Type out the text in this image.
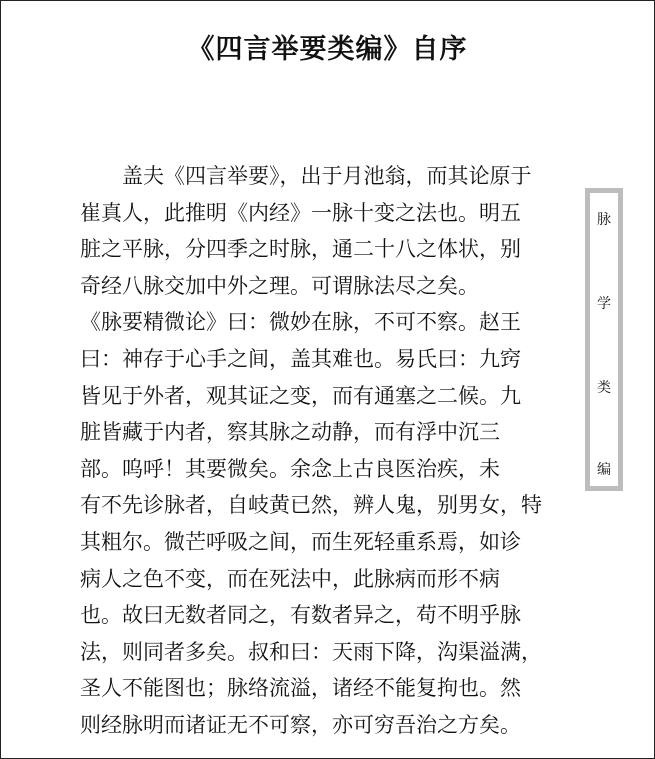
《四言举要类编》自序
盖夫《四言举要》，出于月池翁，而其论原于
崔真人，此推明《内经》一脉十变之法也。明五
脏之平脉，分四季之时脉，通二十八之体状，别
奇经八脉交加中外之理。可谓脉法尽之矣。
《脉要精微论》曰：微妙在脉，不可不察。赵王
曰：神存于心手之间，盖其难也。易氏曰：九窍
皆见于外者，观其证之变，而有通塞之二候。九
脏皆藏于内者，察其脉之动静，而有浮中沉三
部。呜呼！其要微矣。余念上古良医治疾，未
有不先诊脉者，自岐黄已然，辨人鬼，别男女，特
其粗尔。微芒呼吸之间，而生死轻重系焉，如诊
病人之色不变，而在死法中，此脉病而形不病
也。故曰无数者同之，有数者异之，苟不明乎脉
法，则同者多矣。叔和曰：天雨下降，沟渠溢满，
圣人不能图也；脉络流溢，诸经不能复拘也。然
则经脉明而诸证无不可察，亦可穷吾治之方矣。
脉
学
类
编
